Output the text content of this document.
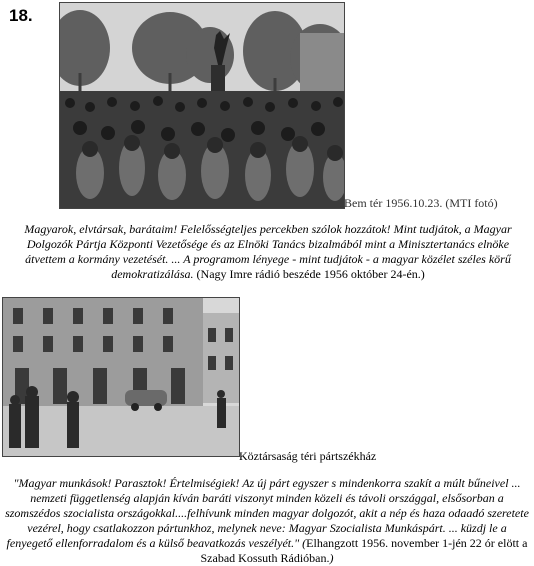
18.
Bem tér 1956.10.23. (MTI fotó)
Magyarok, elvtársak, barátaim! Felelősségteljes percekben szólok hozzátok! Mint tudjátok, a Magyar Dolgozók Pártja Központi Vezetősége és az Elnöki Tanács bizalmából mint a Minisztertanács elnöke átvettem a kormány vezetését. ... A programom lényege - mint tudjátok - a magyar közélet széles körű demokratizálása. (Nagy Imre rádió beszéde 1956 október 24-én.)
Köztársaság téri pártszékház
"Magyar munkások! Parasztok! Értelmiségiek! Az új párt egyszer s mindenkorra szakít a múlt bűneivel ... nemzeti függetlenség alapján kíván baráti viszonyt minden közeli és távoli országgal, elsősorban a szomszédos szocialista országokkal....felhívunk minden magyar dolgozót, akit a nép és haza odaadó szeretete vezérel, hogy csatlakozzon pártunkhoz, melynek neve: Magyar Szocialista Munkáspárt. ... küzdj le a fenyegető ellenforradalom és a külső beavatkozás veszélyét." (Elhangzott 1956. november 1-jén 22 ór elött a Szabad Kossuth Rádióban.)
